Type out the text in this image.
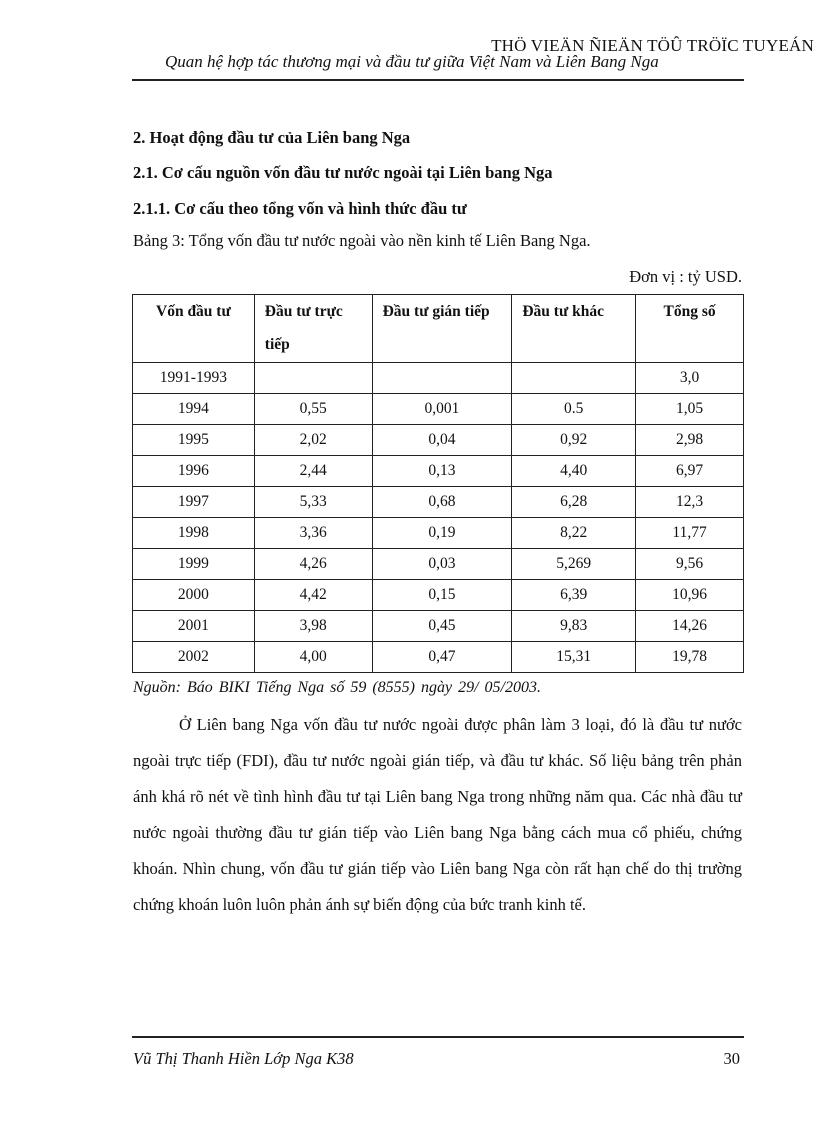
THÖ VIEÄN ÑIEÄN TÖÛ TRÖÏC TUYEÁN
Quan hệ hợp tác thương mại và đầu tư giữa Việt Nam và Liên Bang Nga
2. Hoạt động đầu tư của Liên bang Nga
2.1. Cơ cấu nguồn vốn đầu tư nước ngoài tại Liên bang Nga
2.1.1. Cơ cấu theo tổng vốn và hình thức đầu tư
Bảng 3: Tổng vốn đầu tư nước ngoài vào nền kinh tế Liên Bang Nga.
Đơn vị : tỷ USD.
Vốn đầu tư	Đầu tư trực tiếp	Đầu tư gián tiếp	Đầu tư khác	Tổng số

1991-1993				3,0
1994	0,55	0,001	0.5	1,05
1995	2,02	0,04	0,92	2,98
1996	2,44	0,13	4,40	6,97
1997	5,33	0,68	6,28	12,3
1998	3,36	0,19	8,22	11,77
1999	4,26	0,03	5,269	9,56
2000	4,42	0,15	6,39	10,96
2001	3,98	0,45	9,83	14,26
2002	4,00	0,47	15,31	19,78
Nguồn: Báo BIKI Tiếng Nga số 59 (8555) ngày 29/ 05/2003.

Ở Liên bang Nga vốn đầu tư nước ngoài được phân làm 3 loại, đó là đầu tư nước ngoài trực tiếp (FDI), đầu tư nước ngoài gián tiếp, và đầu tư khác. Số liệu bảng trên phản ánh khá rõ nét về tình hình đầu tư tại Liên bang Nga trong những năm qua. Các nhà đầu tư nước ngoài thường đầu tư gián tiếp vào Liên bang Nga bằng cách mua cổ phiếu, chứng khoán. Nhìn chung, vốn đầu tư gián tiếp vào Liên bang Nga còn rất hạn chế do thị trường chứng khoán luôn luôn phản ánh sự biến động của bức tranh kinh tế.

Vũ Thị Thanh Hiền Lớp Nga K38	30
